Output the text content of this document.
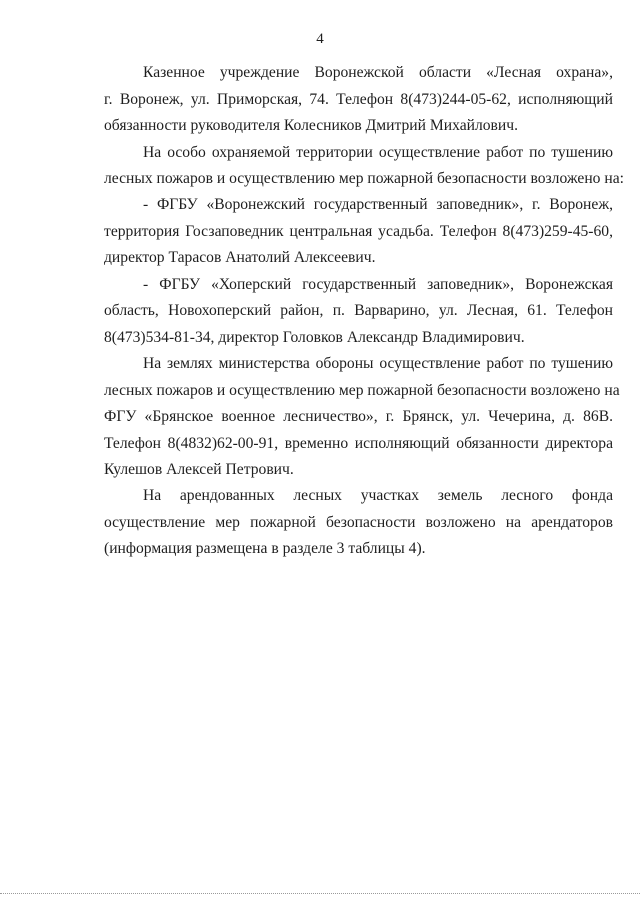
4
Казенное учреждение Воронежской области «Лесная охрана»,
г. Воронеж, ул. Приморская, 74. Телефон 8(473)244-05-62, исполняющий
обязанности руководителя Колесников Дмитрий Михайлович.
На особо охраняемой территории осуществление работ по тушению
лесных пожаров и осуществлению мер пожарной безопасности возложено на:
- ФГБУ «Воронежский государственный заповедник», г. Воронеж,
территория Госзаповедник центральная усадьба. Телефон 8(473)259-45-60,
директор Тарасов Анатолий Алексеевич.
- ФГБУ «Хоперский государственный заповедник», Воронежская
область, Новохоперский район, п. Варварино, ул. Лесная, 61. Телефон
8(473)534-81-34, директор Головков Александр Владимирович.
На землях министерства обороны осуществление работ по тушению
лесных пожаров и осуществлению мер пожарной безопасности возложено на
ФГУ «Брянское военное лесничество», г. Брянск, ул. Чечерина, д. 86В.
Телефон 8(4832)62-00-91, временно исполняющий обязанности директора
Кулешов Алексей Петрович.
На арендованных лесных участках земель лесного фонда
осуществление мер пожарной безопасности возложено на арендаторов
(информация размещена в разделе 3 таблицы 4).
